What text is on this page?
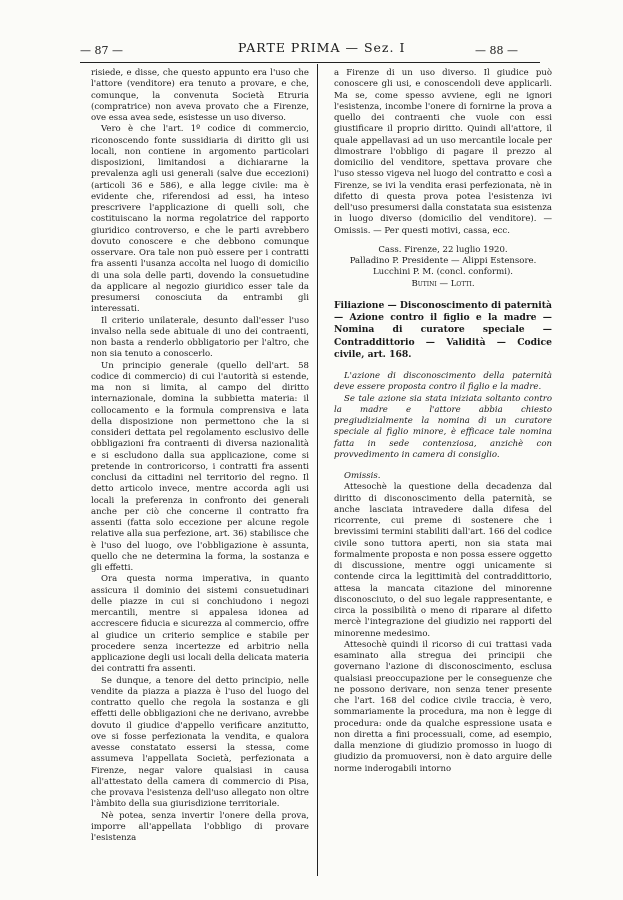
— 87 —	PARTE PRIMA — Sez. I	— 88 —

risiede, e disse, che questo appunto era l'uso che l'attore (venditore) era tenuto a provare, e che, comunque, la convenuta Società Etruria (compratrice) non aveva provato che a Firenze, ove essa avea sede, esistesse un uso diverso.

Vero è che l'art. 1º codice di commercio, riconoscendo fonte sussidiaria di diritto gli usi locali, non contiene in argomento particolari disposizioni, limitandosi a dichiararne la prevalenza agli usi generali (salve due eccezioni) (articoli 36 e 586), e alla legge civile: ma è evidente che, riferendosi ad essi, ha inteso prescrivere l'applicazione di quelli soli, che costituiscano la norma regolatrice del rapporto giuridico controverso, e che le parti avrebbero dovuto conoscere e che debbono comunque osservare. Ora tale non può essere per i contratti fra assenti l'usanza accolta nel luogo di domicilio di una sola delle parti, dovendo la consuetudine da applicare al negozio giuridico esser tale da presumersi conosciuta da entrambi gli interessati.

Il criterio unilaterale, desunto dall'esser l'uso invalso nella sede abituale di uno dei contraenti, non basta a renderlo obbligatorio per l'altro, che non sia tenuto a conoscerlo.

Un principio generale (quello dell'art. 58 codice di commercio) di cui l'autorità si estende, ma non si limita, al campo del diritto internazionale, domina la subbietta materia: il collocamento e la formula comprensiva e lata della disposizione non permettono che la si consideri dettata pel regolamento esclusivo delle obbligazioni fra contraenti di diversa nazionalità e si escludono dalla sua applicazione, come si pretende in controricorso, i contratti fra assenti conclusi da cittadini nel territorio del regno. Il detto articolo invece, mentre accorda agli usi locali la preferenza in confronto dei generali anche per ciò che concerne il contratto fra assenti (fatta solo eccezione per alcune regole relative alla sua perfezione, art. 36) stabilisce che è l'uso del luogo, ove l'obbligazione è assunta, quello che ne determina la forma, la sostanza e gli effetti.

Ora questa norma imperativa, in quanto assicura il dominio dei sistemi consuetudinari delle piazze in cui si conchiudono i negozi mercantili, mentre si appalesa idonea ad accrescere fiducia e sicurezza al commercio, offre al giudice un criterio semplice e stabile per procedere senza incertezze ed arbitrio nella applicazione degli usi locali della delicata materia dei contratti fra assenti.

Se dunque, a tenore del detto principio, nelle vendite da piazza a piazza è l'uso del luogo del contratto quello che regola la sostanza e gli effetti delle obbligazioni che ne derivano, avrebbe dovuto il giudice d'appello verificare anzitutto, ove si fosse perfezionata la vendita, e qualora avesse constatato essersi la stessa, come assumeva l'appellata Società, perfezionata a Firenze, negar valore qualsiasi in causa all'attestato della camera di commercio di Pisa, che provava l'esistenza dell'uso allegato non oltre l'àmbito della sua giurisdizione territoriale.

Nè potea, senza invertir l'onere della prova, imporre all'appellata l'obbligo di provare l'esistenza

a Firenze di un uso diverso. Il giudice può conoscere gli usi, e conoscendoli deve applicarli. Ma se, come spesso avviene, egli ne ignori l'esistenza, incombe l'onere di fornirne la prova a quello dei contraenti che vuole con essi giustificare il proprio diritto. Quindi all'attore, il quale appellavasi ad un uso mercantile locale per dimostrare l'obbligo di pagare il prezzo al domicilio del venditore, spettava provare che l'uso stesso vigeva nel luogo del contratto e così a Firenze, se ivi la vendita erasi perfezionata, nè in difetto di questa prova potea l'esistenza ivi dell'uso presumersi dalla constatata sua esistenza in luogo diverso (domicilio del venditore). — Omissis. — Per questi motivi, cassa, ecc.

Cass. Firenze, 22 luglio 1920.

Palladino P. Presidente — Alippi Estensore.

Lucchini P. M. (concl. conformi).

Butini — Lotti.

Filiazione — Disconoscimento di paternità — Azione contro il figlio e la madre — Nomina di curatore speciale — Contraddittorio — Validità — Codice civile, art. 168.

L'azione di disconoscimento della paternità deve essere proposta contro il figlio e la madre.

Se tale azione sia stata iniziata soltanto contro la madre e l'attore abbia chiesto pregiudizialmente la nomina di un curatore speciale al figlio minore, è efficace tale nomina fatta in sede contenziosa, anzichè con provvedimento in camera di consiglio.

Omissis.

Attesochè la questione della decadenza dal diritto di disconoscimento della paternità, se anche lasciata intravedere dalla difesa del ricorrente, cui preme di sostenere che i brevissimi termini stabiliti dall'art. 166 del codice civile sono tuttora aperti, non sia stata mai formalmente proposta e non possa essere oggetto di discussione, mentre oggi unicamente si contende circa la legittimità del contraddittorio, attesa la mancata citazione del minorenne disconosciuto, o del suo legale rappresentante, e circa la possibilità o meno di riparare al difetto mercè l'integrazione del giudizio nei rapporti del minorenne medesimo.

Attesochè quindi il ricorso di cui trattasi vada esaminato alla stregua dei principii che governano l'azione di disconoscimento, esclusa qualsiasi preoccupazione per le conseguenze che ne possono derivare, non senza tener presente che l'art. 168 del codice civile traccia, è vero, sommariamente la procedura, ma non è legge di procedura: onde da qualche espressione usata e non diretta a fini processuali, come, ad esempio, dalla menzione di giudizio promosso in luogo di giudizio da promuoversi, non è dato arguire delle norme inderogabili intorno
